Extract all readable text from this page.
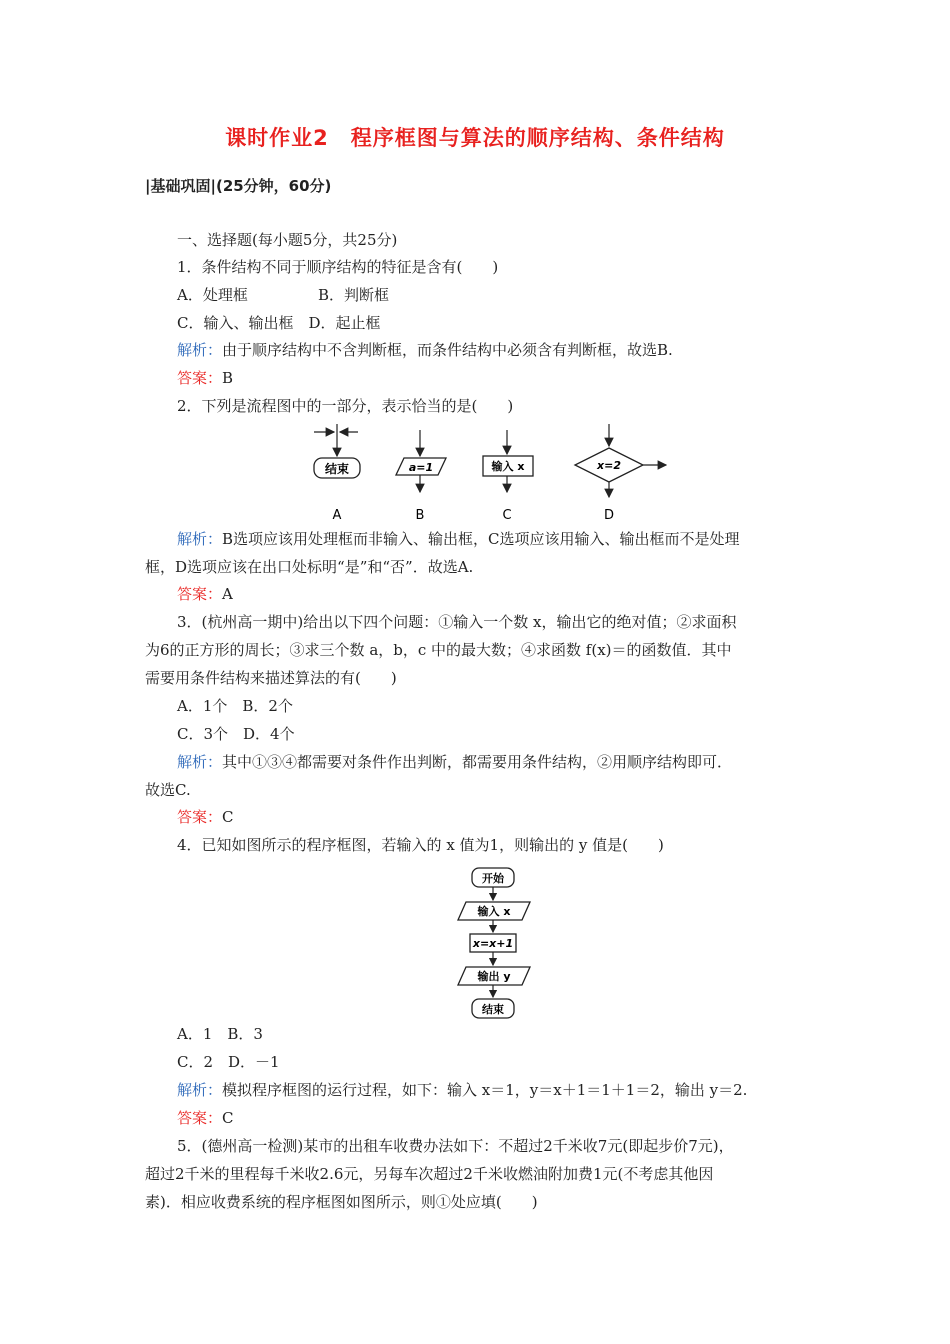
课时作业2　程序框图与算法的顺序结构、条件结构
|基础巩固|(25分钟，60分)
一、选择题(每小题5分，共25分)
1．条件结构不同于顺序结构的特征是含有(　　)
A．处理框	B．判断框
C．输入、输出框　D．起止框
解析：由于顺序结构中不含判断框，而条件结构中必须含有判断框，故选B.
答案：B
2．下列是流程图中的一部分，表示恰当的是(　　)
结束
A
a=1
B
输入 x
C
x=2
D
解析：B选项应该用处理框而非输入、输出框，C选项应该用输入、输出框而不是处理
框，D选项应该在出口处标明“是”和“否”．故选A.
答案：A
3．(杭州高一期中)给出以下四个问题：①输入一个数 x，输出它的绝对值；②求面积
为6的正方形的周长；③求三个数 a，b，c 中的最大数；④求函数 f(x)＝的函数值．其中
需要用条件结构来描述算法的有(　　)
A．1个　B．2个
C．3个　D．4个
解析：其中①③④都需要对条件作出判断，都需要用条件结构，②用顺序结构即可．
故选C.
答案：C
4．已知如图所示的程序框图，若输入的 x 值为1，则输出的 y 值是(　　)
开始
输入 x
x=x+1
输出 y
结束
A．1　B．3
C．2　D．－1
解析：模拟程序框图的运行过程，如下：输入 x＝1，y＝x＋1＝1＋1＝2，输出 y＝2.
答案：C
5．(德州高一检测)某市的出租车收费办法如下：不超过2千米收7元(即起步价7元)，
超过2千米的里程每千米收2.6元，另每车次超过2千米收燃油附加费1元(不考虑其他因
素)．相应收费系统的程序框图如图所示，则①处应填(　　)
